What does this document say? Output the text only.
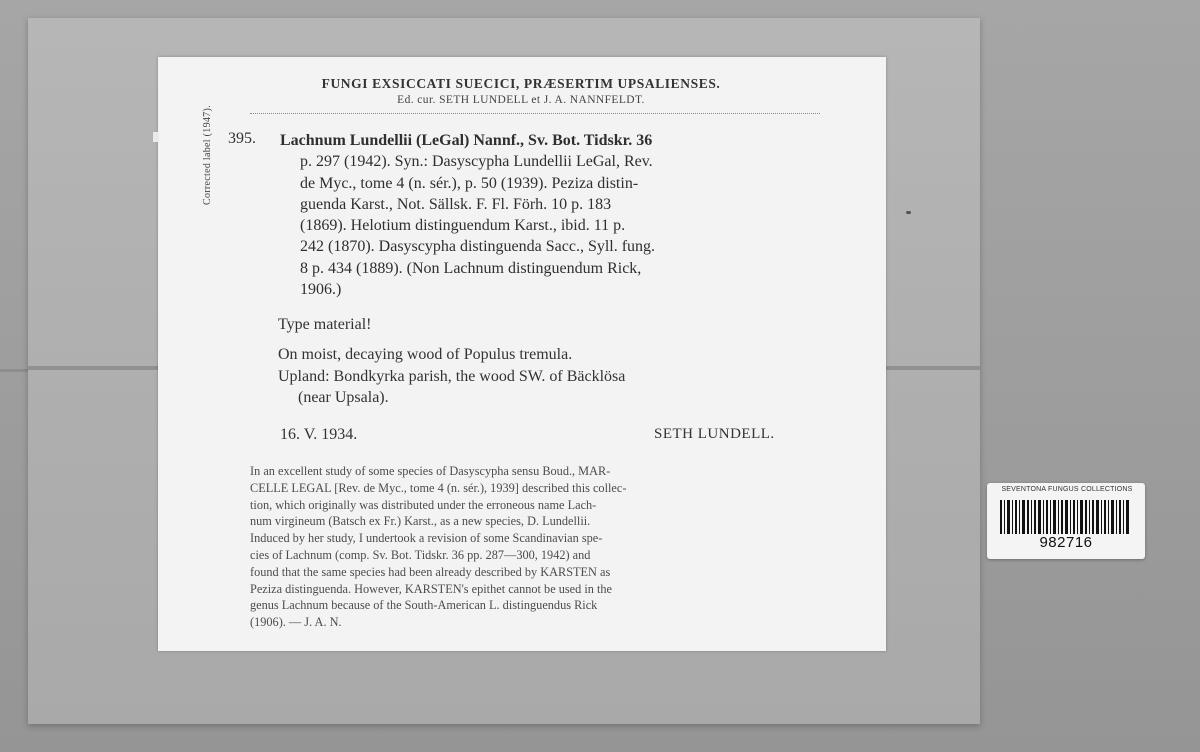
Corrected label (1947).
FUNGI EXSICCATI SUECICI, PRÆSERTIM UPSALIENSES.
Ed. cur. SETH LUNDELL et J. A. NANNFELDT.
395. Lachnum Lundellii (LeGal) Nannf., Sv. Bot. Tidskr. 36

p. 297 (1942). Syn.: Dasyscypha Lundellii LeGal, Rev.

de Myc., tome 4 (n. sér.), p. 50 (1939). Peziza distin-

guenda Karst., Not. Sällsk. F. Fl. Förh. 10 p. 183

(1869). Helotium distinguendum Karst., ibid. 11 p.

242 (1870). Dasyscypha distinguenda Sacc., Syll. fung.

8 p. 434 (1889). (Non Lachnum distinguendum Rick,

1906.)

Type material!
On moist, decaying wood of Populus tremula.
Upland: Bondkyrka parish, the wood SW. of Bäcklösa
(near Upsala).
16. V. 1934.	SETH LUNDELL.

In an excellent study of some species of Dasyscypha sensu Boud., MAR-

CELLE LEGAL [Rev. de Myc., tome 4 (n. sér.), 1939] described this collec-

tion, which originally was distributed under the erroneous name Lach-

num virgineum (Batsch ex Fr.) Karst., as a new species, D. Lundellii.

Induced by her study, I undertook a revision of some Scandinavian spe-

cies of Lachnum (comp. Sv. Bot. Tidskr. 36 pp. 287—300, 1942) and

found that the same species had been already described by KARSTEN as

Peziza distinguenda. However, KARSTEN's epithet cannot be used in the

genus Lachnum because of the South-American L. distinguendus Rick

(1906). — J. A. N.

SEVENTONA FUNGUS COLLECTIONS
982716
